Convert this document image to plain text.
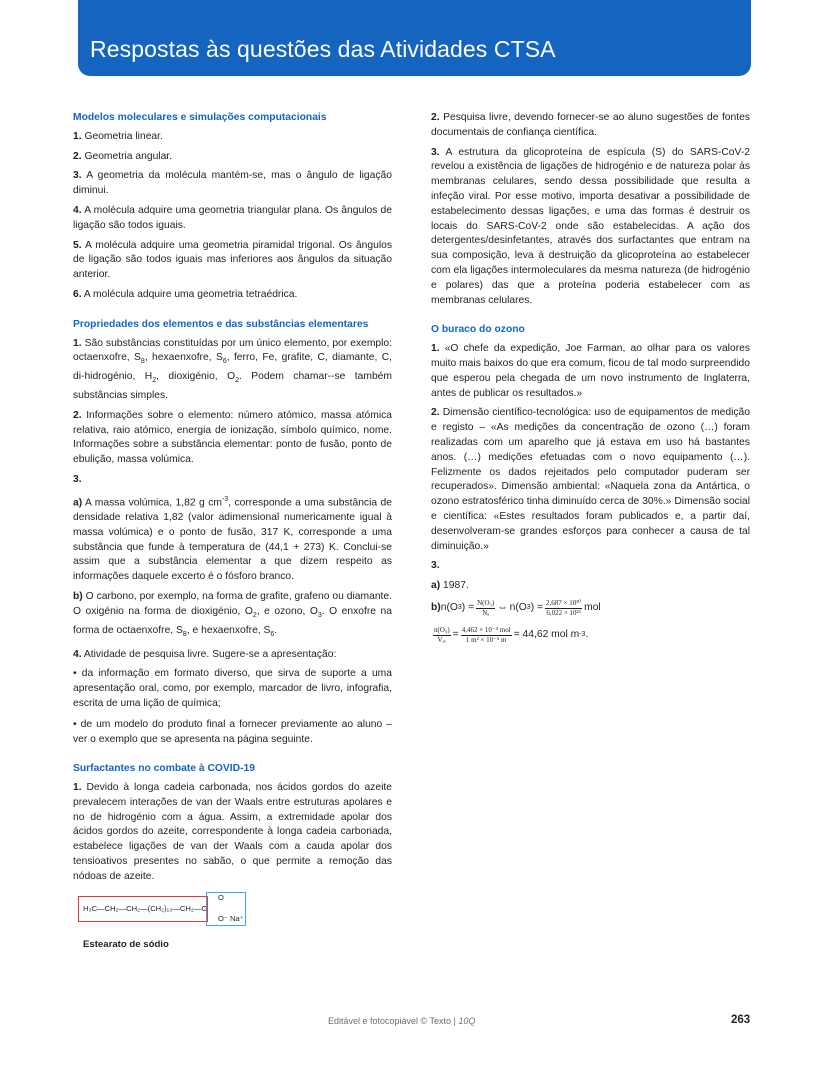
Respostas às questões das Atividades CTSA
Modelos moleculares e simulações computacionais
1. Geometria linear.
2. Geometria angular.
3. A geometria da molécula mantém-se, mas o ângulo de ligação diminui.
4. A molécula adquire uma geometria triangular plana. Os ângulos de ligação são todos iguais.
5. A molécula adquire uma geometria piramidal trigonal. Os ângulos de ligação são todos iguais mas inferiores aos ângulos da situação anterior.
6. A molécula adquire uma geometria tetraédrica.
Propriedades dos elementos e das substâncias elementares
1. São substâncias constituídas por um único elemento, por exemplo: octaenxofre, $S_8$, hexaenxofre, $S_6$, ferro, Fe, grafite, C, diamante, C, di-hidrogénio, $H_2$, dioxigénio, $O_2$. Podem chamar--se também substâncias simples.
2. Informações sobre o elemento: número atómico, massa atómica relativa, raio atómico, energia de ionização, símbolo químico, nome. Informações sobre a substância elementar: ponto de fusão, ponto de ebulição, massa volúmica.
3.
a) A massa volúmica, 1,82 g $cm^{-3}$, corresponde a uma substância de densidade relativa 1,82 (valor adimensional numericamente igual à massa volúmica) e o ponto de fusão, 317 K, corresponde a uma substância que funde à temperatura de (44,1 + 273) K. Conclui-se assim que a substância elementar a que dizem respeito as informações daquele excerto é o fósforo branco.
b) O carbono, por exemplo, na forma de grafite, grafeno ou diamante. O oxigénio na forma de dioxigénio, $O_2$, e ozono, $O_3$. O enxofre na forma de octaenxofre, $S_8$, e hexaenxofre, $S_6$.
4. Atividade de pesquisa livre. Sugere-se a apresentação:
• da informação em formato diverso, que sirva de suporte a uma apresentação oral, como, por exemplo, marcador de livro, infografia, escrita de uma lição de química;
• de um modelo do produto final a fornecer previamente ao aluno – ver o exemplo que se apresenta na página seguinte.
Surfactantes no combate à COVID-19
1. Devido à longa cadeia carbonada, nos ácidos gordos do azeite prevalecem interações de van der Waals entre estruturas apolares e no de hidrogénio com a água. Assim, a extremidade apolar dos ácidos gordos do azeite, correspondente à longa cadeia carbonada, estabelece ligações de van der Waals com a cauda apolar dos tensioativos presentes no sabão, o que permite a remoção das nódoas de azeite.
H₃C—CH₂—CH₂—(CH₂)₁₃—CH₂—C
O
O⁻ Na⁺
Estearato de sódio
2. Pesquisa livre, devendo fornecer-se ao aluno sugestões de fontes documentais de confiança científica.
3. A estrutura da glicoproteína de espícula (S) do SARS-CoV-2 revelou a existência de ligações de hidrogénio e de natureza polar às membranas celulares, sendo dessa possibilidade que resulta a infeção viral. Por esse motivo, importa desativar a possibilidade de estabelecimento dessas ligações, e uma das formas é destruir os locais do SARS-CoV-2 onde são estabelecidas. A ação dos detergentes/desinfetantes, através dos surfactantes que entram na sua composição, leva à destruição da glicoproteína ao estabelecer com ela ligações intermoleculares da mesma natureza (de hidrogénio e polares) das que a proteína poderia estabelecer com as membranas celulares.
O buraco do ozono
1. «O chefe da expedição, Joe Farman, ao olhar para os valores muito mais baixos do que era comum, ficou de tal modo surpreendido que esperou pela chegada de um novo instrumento de Inglaterra, antes de publicar os resultados.»
2. Dimensão científico-tecnológica: uso de equipamentos de medição e registo – «As medições da concentração de ozono (…) foram realizadas com um aparelho que já estava em uso há bastantes anos. (…) medições efetuadas com o novo equipamento (…). Felizmente os dados rejeitados pelo computador puderam ser recuperados». Dimensão ambiental: «Naquela zona da Antártica, o ozono estratosférico tinha diminuído cerca de 30%.» Dimensão social e científica: «Estes resultados foram publicados e, a partir daí, desenvolveram-se grandes esforços para conhecer a causa de tal diminuição.»
3.
a) 1987.
b) n(O 3 ) = $\frac{\text{N(O₃)}}{\text{Nₐ}}$ ⇔ n(O 3 ) = $\frac{\text{2,687 × 10²⁰}}{\text{6,022 × 10²³}}$ mol
$\frac{\text{n(O₃)}}{\text{Vₐᵣ}} = \frac{\text{4,462 × 10⁻⁴ mol}}{\text{1 m² × 10⁻⁵ m}} = 44,62$ mol m -3 .
Editável e fotocopiável © Texto | 10Q	263
